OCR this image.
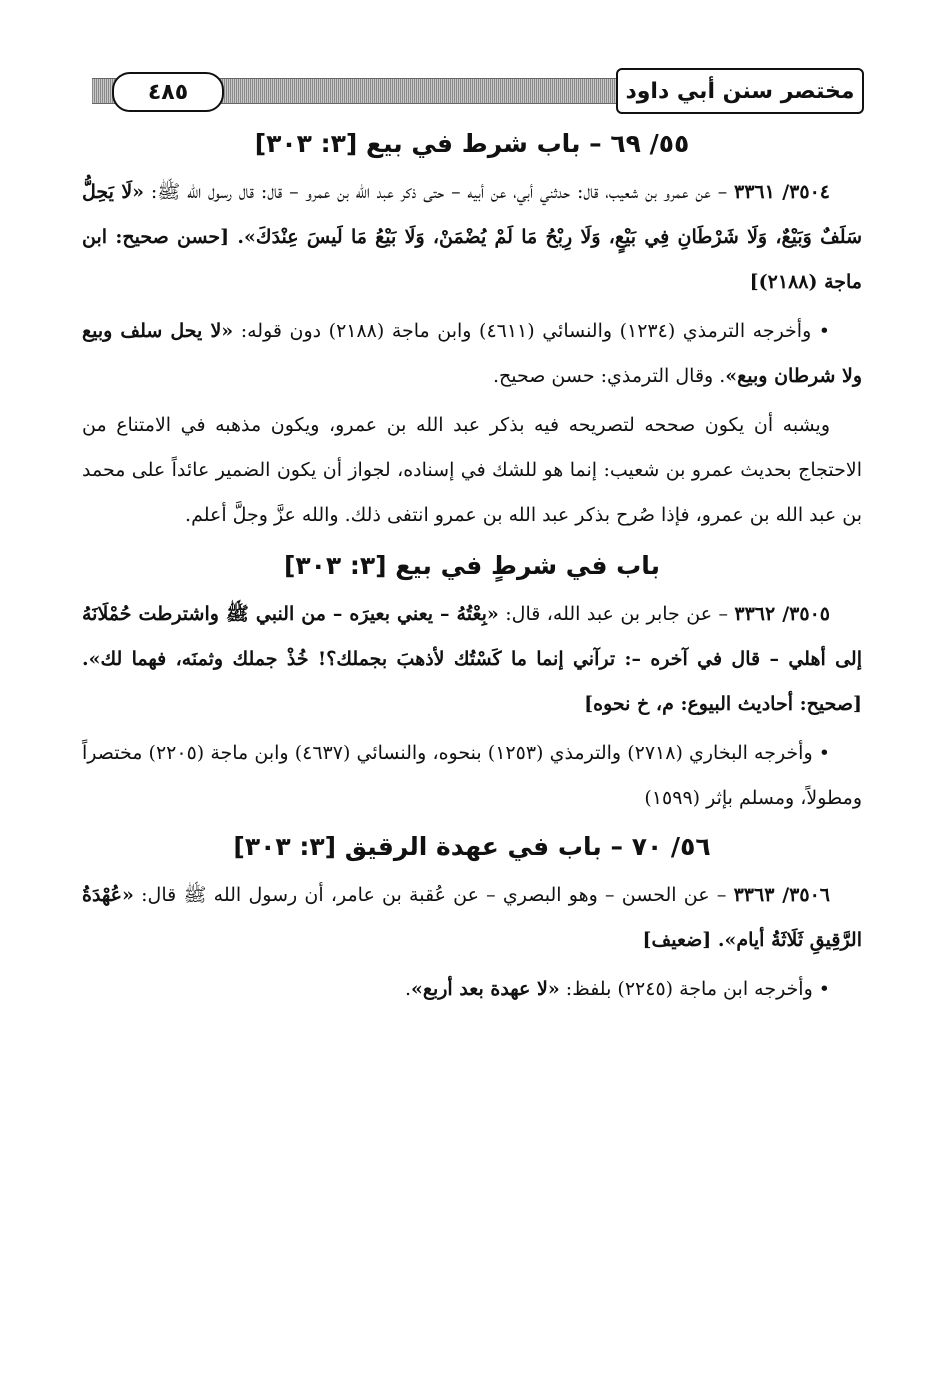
٤٨٥	مختصر سنن أبي داود
٥٥/ ٦٩ – باب شرط في بيع [٣: ٣٠٣]

٣٥٠٤/ ٣٣٦١ – عن عمرو بن شعيب، قال: حدثني أبي، عن أبيه – حتى ذكر عبد الله بن عمرو – قال: قال رسول الله ﷺ: «لَا يَحِلُّ سَلَفٌ وَبَيْعٌ، وَلَا شَرْطَانِ فِي بَيْعٍ، وَلَا رِبْحُ مَا لَمْ يُضْمَنْ، وَلَا بَيْعُ مَا لَيسَ عِنْدَكَ». [حسن صحيح: ابن ماجة (٢١٨٨)]

• وأخرجه الترمذي (١٢٣٤) والنسائي (٤٦١١) وابن ماجة (٢١٨٨) دون قوله: «لا يحل سلف وبيع ولا شرطان وبيع». وقال الترمذي: حسن صحيح.

ويشبه أن يكون صححه لتصريحه فيه بذكر عبد الله بن عمرو، ويكون مذهبه في الامتناع من الاحتجاج بحديث عمرو بن شعيب: إنما هو للشك في إسناده، لجواز أن يكون الضمير عائداً على محمد بن عبد الله بن عمرو، فإذا صُرح بذكر عبد الله بن عمرو انتفى ذلك. والله عزَّ وجلَّ أعلم.

باب في شرطٍ في بيع [٣: ٣٠٣]

٣٥٠٥/ ٣٣٦٢ – عن جابر بن عبد الله، قال: «بِعْتُهُ – يعني بعيرَه – من النبي ﷺ واشترطت حُمْلَانَهُ إلى أهلي – قال في آخره –: ترآني إنما ما كَسْتُك لأذهبَ بجملك؟! خُذْ جملك وثمنَه، فهما لك». [صحيح: أحاديث البيوع: م، خ نحوه]

• وأخرجه البخاري (٢٧١٨) والترمذي (١٢٥٣) بنحوه، والنسائي (٤٦٣٧) وابن ماجة (٢٢٠٥) مختصراً ومطولاً، ومسلم بإثر (١٥٩٩)

٥٦/ ٧٠ – باب في عهدة الرقيق [٣: ٣٠٣]

٣٥٠٦/ ٣٣٦٣ – عن الحسن – وهو البصري – عن عُقبة بن عامر، أن رسول الله ﷺ قال: «عُهْدَةُ الرَّقِيقِ ثَلَاثَةُ أيام». [ضعيف]

• وأخرجه ابن ماجة (٢٢٤٥) بلفظ: «لا عهدة بعد أربع».
